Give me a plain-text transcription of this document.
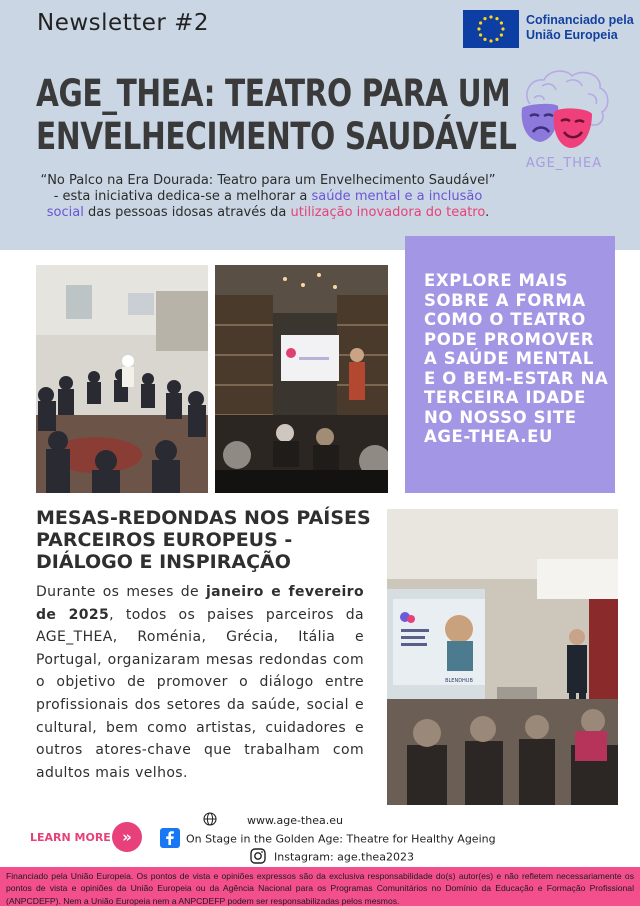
Newsletter #2	Cofinanciado pela
União Europeia
AGE_THEA: TEATRO PARA UM
ENVELHECIMENTO SAUDÁVEL
“No Palco na Era Dourada: Teatro para um Envelhecimento Saudável” - esta iniciativa dedica-se a melhorar a saúde mental e a inclusão social das pessoas idosas através da utilização inovadora do teatro.
AGE_THEA
EXPLORE MAIS SOBRE A FORMA COMO O TEATRO PODE PROMOVER A SAÚDE MENTAL E O BEM-ESTAR NA TERCEIRA IDADE NO NOSSO SITE AGE-THEA.EU
MESAS-REDONDAS NOS PAÍSES PARCEIROS EUROPEUS - DIÁLOGO E INSPIRAÇÃO
Durante os meses de janeiro e fevereiro de 2025, todos os paises parceiros da AGE_THEA, Roménia, Grécia, Itália e Portugal, organizaram mesas redondas com o objetivo de promover o diálogo entre profissionais dos setores da saúde, social e cultural, bem como artistas, cuidadores e outros atores-chave que trabalham com adultos mais velhos.
BLENDHUB
LEARN MORE »
www.age-thea.eu
On Stage in the Golden Age: Theatre for Healthy Ageing
Instagram: age.thea2023
Financiado pela União Europeia. Os pontos de vista e opiniões expressos são da exclusiva responsabilidade do(s) autor(es) e não refletem necessariamente os pontos de vista e opiniões da União Europeia ou da Agência Nacional para os Programas Comunitários no Domínio da Educação e Formação Profissional (ANPCDEFP). Nem a União Europeia nem a ANPCDEFP podem ser responsabilizadas pelos mesmos.
